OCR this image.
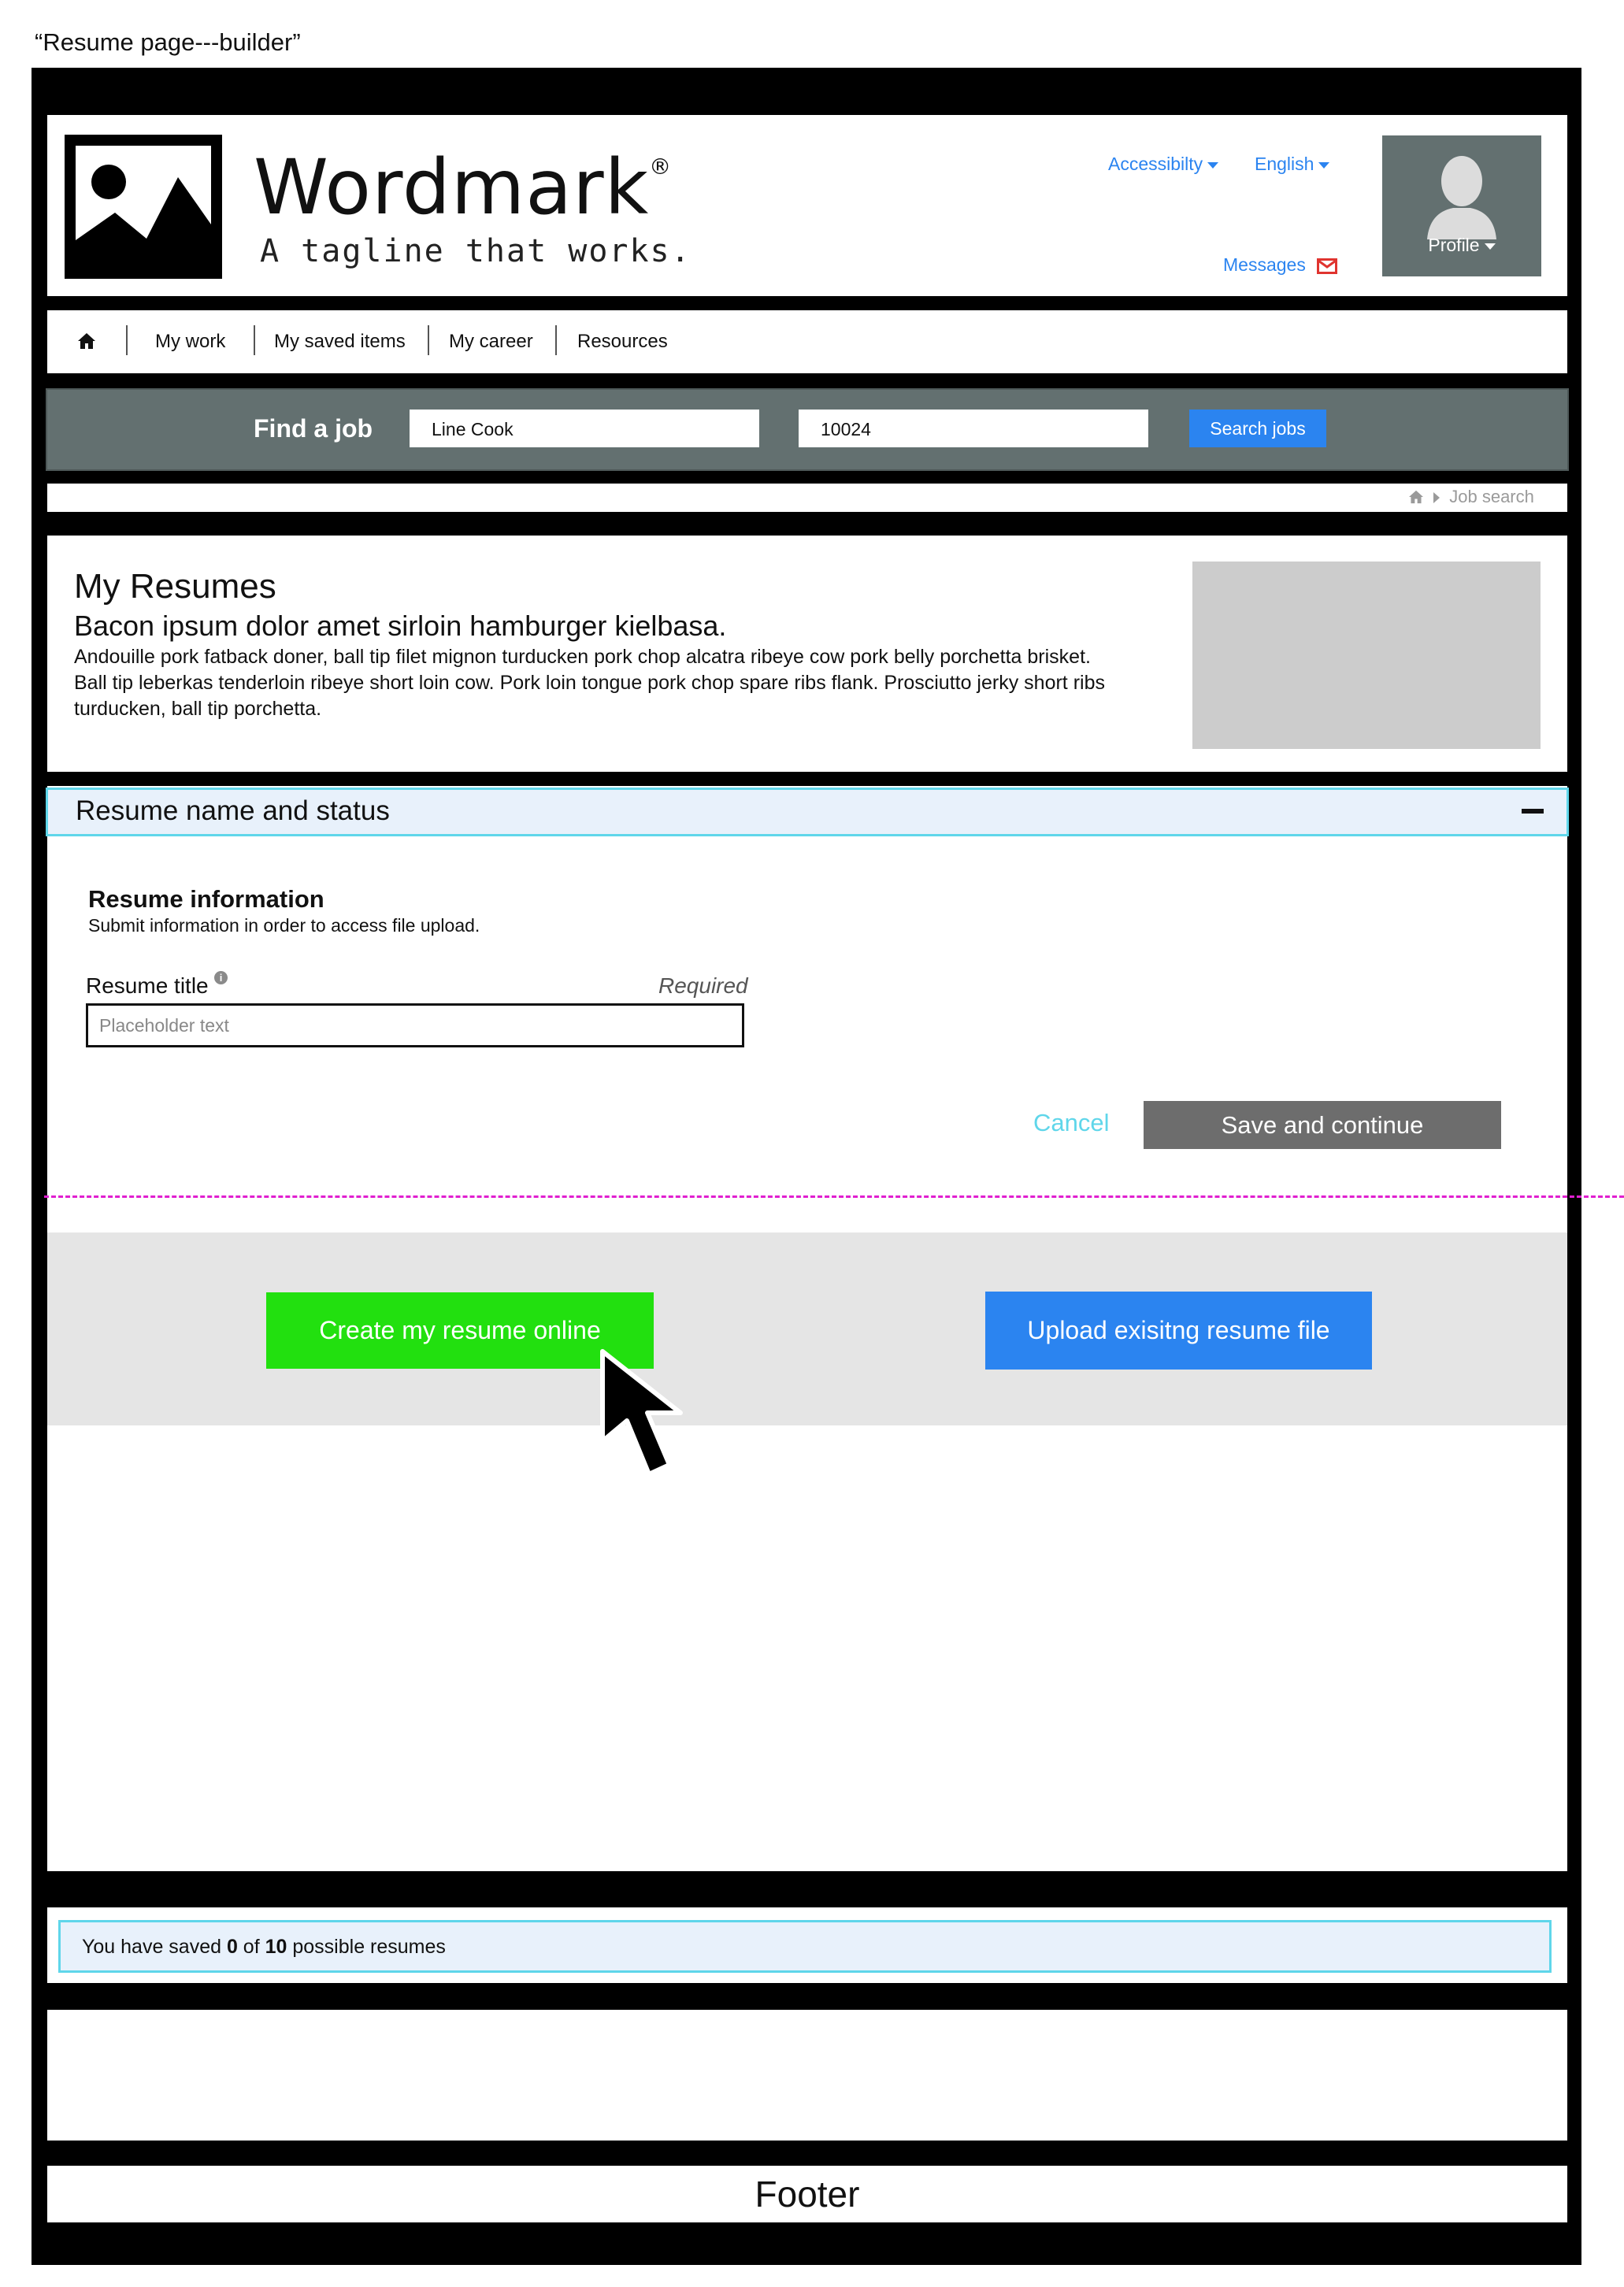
“Resume page---builder”
Wordmark®
A tagline that works.
Accessibilty	English
Messages
Profile
My work	My saved items My career Resources
Find a job	Line Cook	10024	Search jobs
Job search
My Resumes
Bacon ipsum dolor amet sirloin hamburger kielbasa.
Andouille pork fatback doner, ball tip filet mignon turducken pork chop alcatra ribeye cow pork belly porchetta brisket. Ball tip leberkas tenderloin ribeye short loin cow. Pork loin tongue pork chop spare ribs flank. Prosciutto jerky short ribs turducken, ball tip porchetta.
Resume name and status
Resume information
Submit information in order to access file upload.
Resume title	i	Required
Placeholder text
Cancel	Save and continue
Create my resume online	Upload exisitng resume file
You have saved 0 of 10 possible resumes
Footer
